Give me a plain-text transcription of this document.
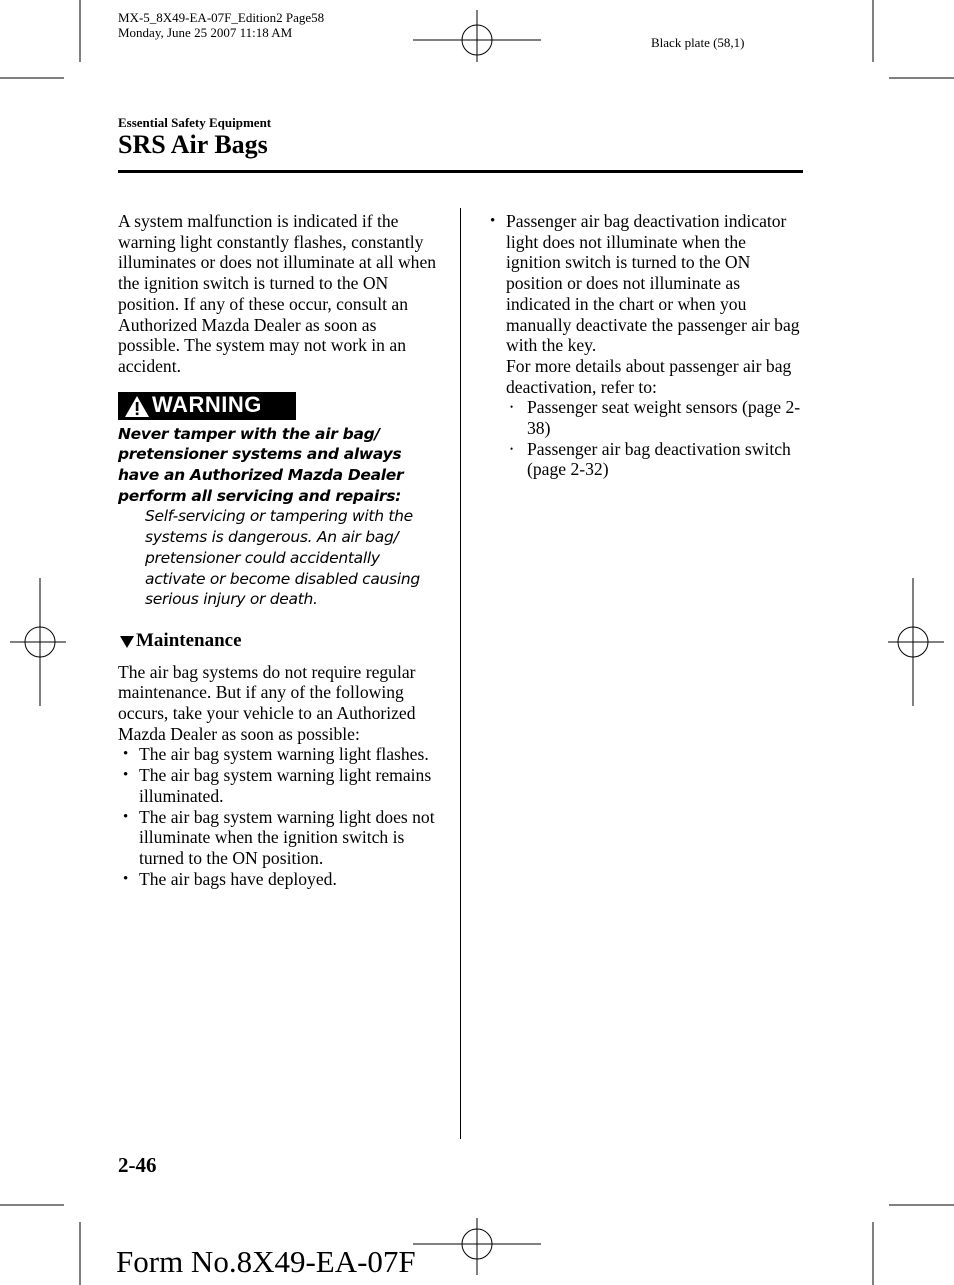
MX-5_8X49-EA-07F_Edition2 Page58
Monday, June 25 2007 11:18 AM
Black plate (58,1)
Essential Safety Equipment
SRS Air Bags

A system malfunction is indicated if the warning light constantly flashes, constantly illuminates or does not illuminate at all when the ignition switch is turned to the ON position. If any of these occur, consult an Authorized Mazda Dealer as soon as possible. The system may not work in an accident.

WARNING
Never tamper with the air bag/ pretensioner systems and always have an Authorized Mazda Dealer perform all servicing and repairs:
Self-servicing or tampering with the systems is dangerous. An air bag/ pretensioner could accidentally activate or become disabled causing serious injury or death.
Maintenance

The air bag systems do not require regular maintenance. But if any of the following occurs, take your vehicle to an Authorized Mazda Dealer as soon as possible:

• The air bag system warning light flashes.
• The air bag system warning light remains illuminated.
• The air bag system warning light does not illuminate when the ignition switch is turned to the ON position.
• The air bags have deployed.
• Passenger air bag deactivation indicator light does not illuminate when the ignition switch is turned to the ON position or does not illuminate as indicated in the chart or when you manually deactivate the passenger air bag with the key.
For more details about passenger air bag deactivation, refer to:
• Passenger seat weight sensors (page 2-38)
• Passenger air bag deactivation switch (page 2-32)
2-46
Form No.8X49-EA-07F
